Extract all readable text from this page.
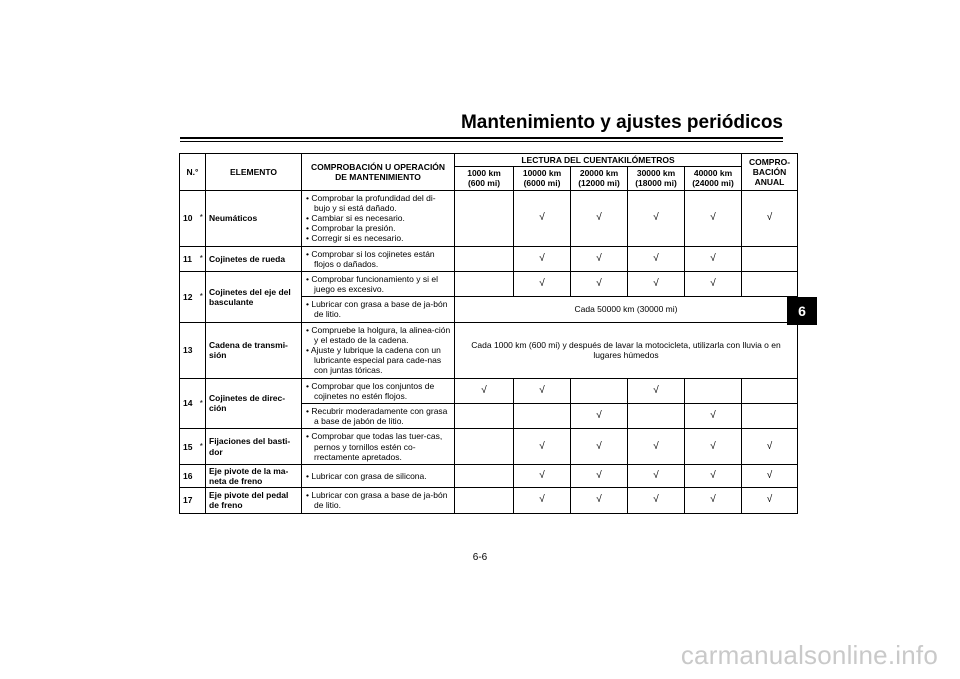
Mantenimiento y ajustes periódicos
6
N.°		ELEMENTO	COMPROBACIÓN U OPERACIÓN DE MANTENIMIENTO	LECTURA DEL CUENTAKILÓMETROS					COMPRO-BACIÓN ANUAL
				1000 km (600 mi)	10000 km (6000 mi)	20000 km (12000 mi)	30000 km (18000 mi)	40000 km (24000 mi)	
10	*	Neumáticos	• Comprobar la profundidad del di-bujo y si está dañado.
• Cambiar si es necesario.
• Comprobar la presión.
• Corregir si es necesario.		√	√	√	√	√
11	*	Cojinetes de rueda	• Comprobar si los cojinetes están flojos o dañados.		√	√	√	√	
12	*	Cojinetes del eje del basculante	• Comprobar funcionamiento y si el juego es excesivo.		√	√	√	√	

			• Lubricar con grasa a base de ja-bón de litio.	Cada 50000 km (30000 mi)					
13		Cadena de transmi-sión	• Compruebe la holgura, la alinea-ción y el estado de la cadena.
• Ajuste y lubrique la cadena con un lubricante especial para cade-nas con juntas tóricas.	Cada 1000 km (600 mi) y después de lavar la motocicleta, utilizarla con lluvia o en lugares húmedos					
14	*	Cojinetes de direc-ción	• Comprobar que los conjuntos de cojinetes no estén flojos.	√	√		√		

			• Recubrir moderadamente con grasa a base de jabón de litio.			√		√	
15	*	Fijaciones del basti-dor	• Comprobar que todas las tuer-cas, pernos y tornillos estén co-rrectamente apretados.		√	√	√	√	√
16		Eje pivote de la ma-neta de freno	• Lubricar con grasa de silicona.		√	√	√	√	√
17		Eje pivote del pedal de freno	• Lubricar con grasa a base de ja-bón de litio.		√	√	√	√	√
6-6
carmanualsonline.info
